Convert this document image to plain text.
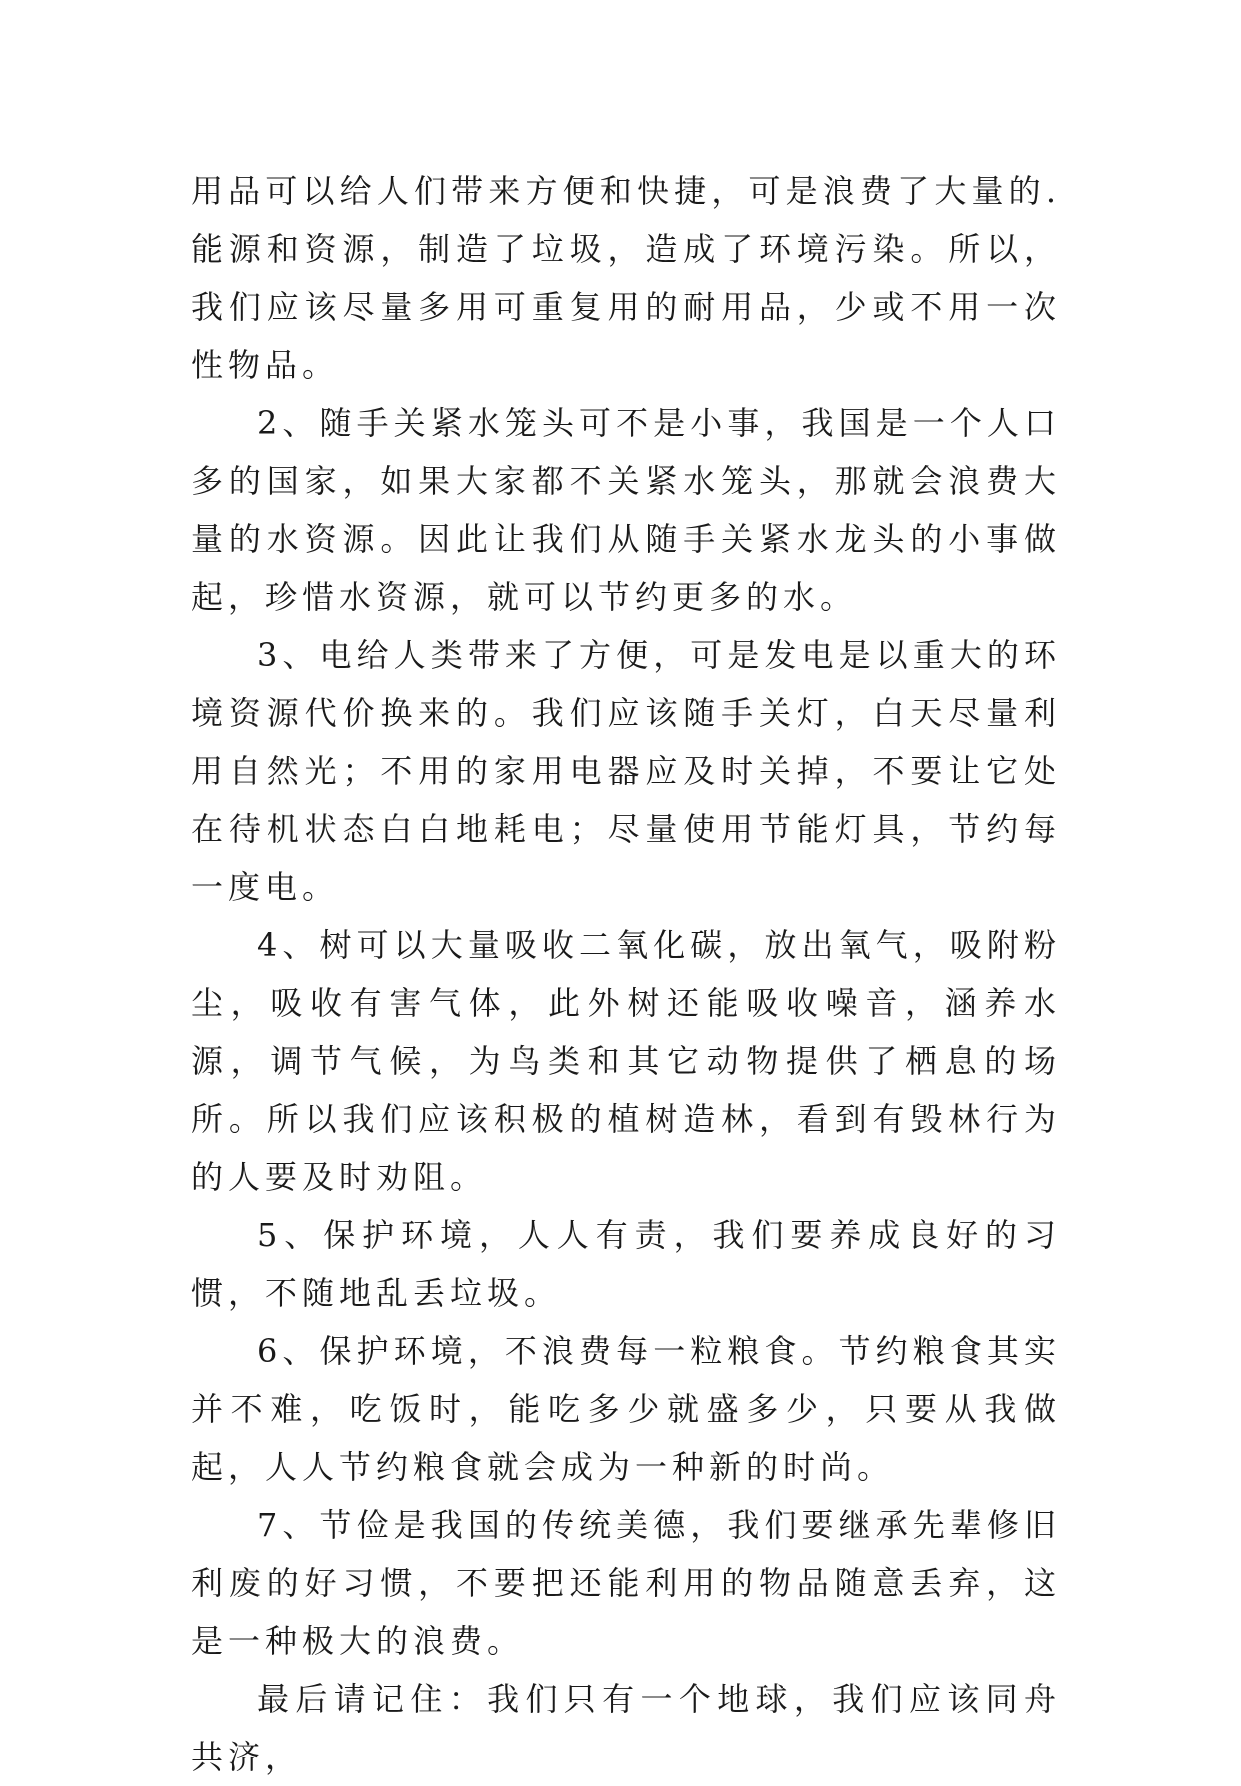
用品可以给人们带来方便和快捷，可是浪费了大量的.能源和资源，制造了垃圾，造成了环境污染。所以，我们应该尽量多用可重复用的耐用品，少或不用一次性物品。

2、随手关紧水笼头可不是小事，我国是一个人口多的国家，如果大家都不关紧水笼头，那就会浪费大量的水资源。因此让我们从随手关紧水龙头的小事做起，珍惜水资源，就可以节约更多的水。

3、电给人类带来了方便，可是发电是以重大的环境资源代价换来的。我们应该随手关灯，白天尽量利用自然光；不用的家用电器应及时关掉，不要让它处在待机状态白白地耗电；尽量使用节能灯具，节约每一度电。

4、树可以大量吸收二氧化碳，放出氧气，吸附粉尘，吸收有害气体，此外树还能吸收噪音，涵养水源，调节气候，为鸟类和其它动物提供了栖息的场所。所以我们应该积极的植树造林，看到有毁林行为的人要及时劝阻。

5、保护环境，人人有责，我们要养成良好的习惯，不随地乱丢垃圾。

6、保护环境，不浪费每一粒粮食。节约粮食其实并不难，吃饭时，能吃多少就盛多少，只要从我做起，人人节约粮食就会成为一种新的时尚。

7、节俭是我国的传统美德，我们要继承先辈修旧利废的好习惯，不要把还能利用的物品随意丢弃，这是一种极大的浪费。

最后请记住：我们只有一个地球，我们应该同舟共济，
